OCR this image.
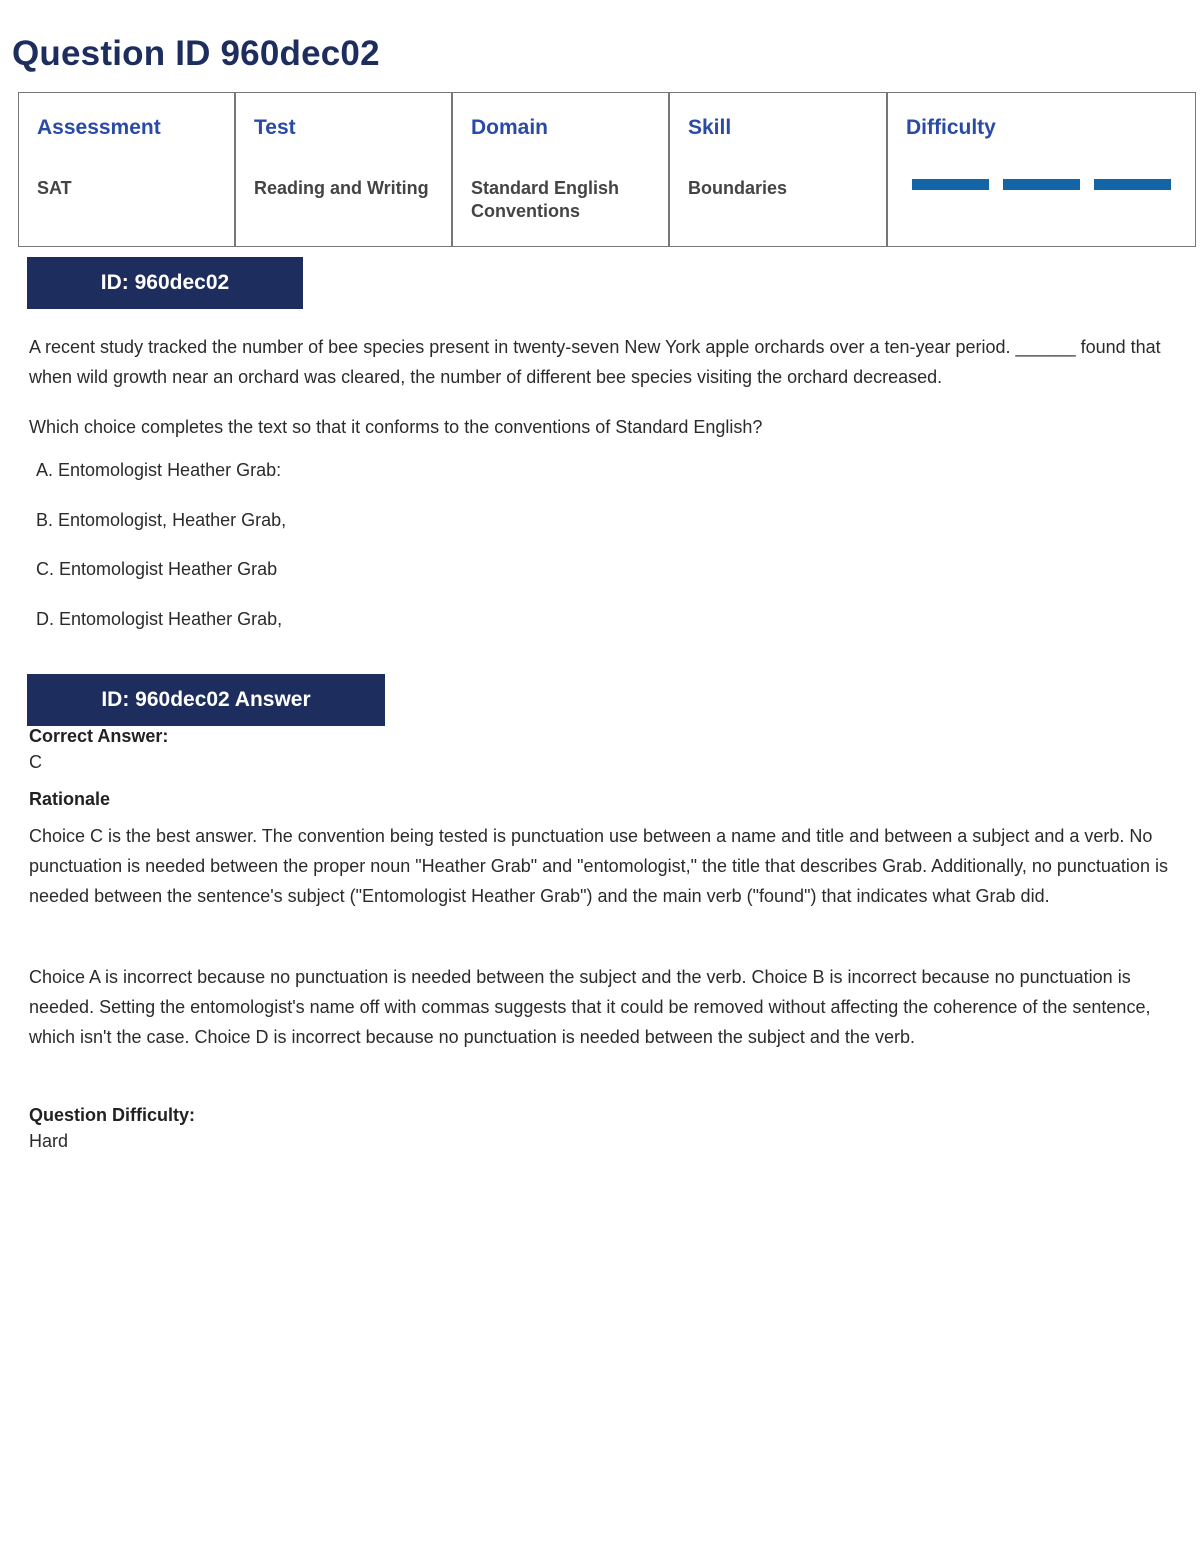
Question ID 960dec02
Assessment
SAT
Test
Reading and Writing
Domain
Standard English Conventions
Skill
Boundaries
Difficulty
ID: 960dec02

A recent study tracked the number of bee species present in twenty-seven New York apple orchards over a ten-year period. ______ found that when wild growth near an orchard was cleared, the number of different bee species visiting the orchard decreased.

Which choice completes the text so that it conforms to the conventions of Standard English?

A. Entomologist Heather Grab:
B. Entomologist, Heather Grab,
C. Entomologist Heather Grab
D. Entomologist Heather Grab,
ID: 960dec02 Answer
Correct Answer:
C
Rationale

Choice C is the best answer. The convention being tested is punctuation use between a name and title and between a subject and a verb. No punctuation is needed between the proper noun "Heather Grab" and "entomologist," the title that describes Grab. Additionally, no punctuation is needed between the sentence's subject ("Entomologist Heather Grab") and the main verb ("found") that indicates what Grab did.

Choice A is incorrect because no punctuation is needed between the subject and the verb. Choice B is incorrect because no punctuation is needed. Setting the entomologist's name off with commas suggests that it could be removed without affecting the coherence of the sentence, which isn't the case. Choice D is incorrect because no punctuation is needed between the subject and the verb.

Question Difficulty:
Hard
